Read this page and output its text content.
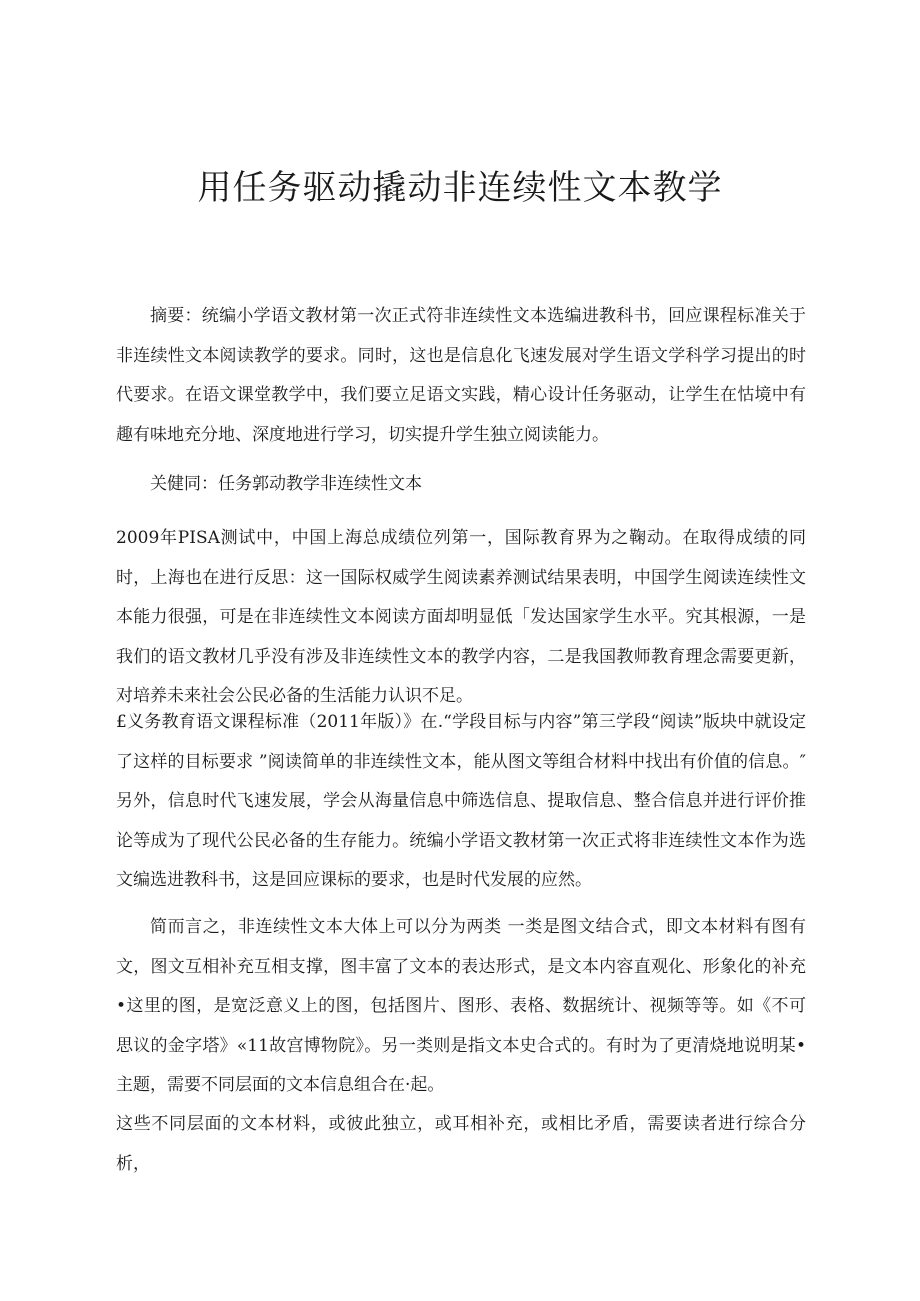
用任务驱动撬动非连续性文本教学

摘要：统编小学语文教材第一次正式符非连续性文本选编进教科书，回应课程标准关于非连续性文本阅读教学的要求。同时，这也是信息化飞速发展对学生语文学科学习提出的时代要求。在语文课堂教学中，我们要立足语文实践，精心设计任务驱动，让学生在怙境中有趣有味地充分地、深度地进行学习，切实提升学生独立阅读能力。

关健同：任务郭动教学非连续性文本

2009年PISA测试中，中国上海总成绩位列第一，国际教育界为之鞠动。在取得成绩的同时，上海也在进行反思：这一国际权威学生阅读素养测试结果表明，中国学生阅读连续性文本能力很强，可是在非连续性文本阅读方面却明显低「发达国家学生水平。究其根源，一是我们的语文教材几乎没有涉及非连续性文本的教学内容，二是我国教师教育理念需要更新，对培养未来社会公民必备的生活能力认识不足。

£义务教育语文课程标准（2011年版）》在.“学段目标与内容”第三学段“阅读”版块中就设定了这样的目标要求 ”阅读简单的非连续性文本，能从图文等组合材料中找出有价值的信息。″另外，信息时代飞速发展，学会从海量信息中筛选信息、提取信息、整合信息并进行评价推论等成为了现代公民必备的生存能力。统编小学语文教材第一次正式将非连续性文本作为选文编选进教科书，这是回应课标的要求，也是时代发展的应然。

简而言之，非连续性文本大体上可以分为两类 一类是图文结合式，即文本材料有图有文，图文互相补充互相支撑，图丰富了文本的表达形式，是文本内容直观化、形象化的补充•这里的图，是宽泛意义上的图，包括图片、图形、表格、数据统计、视频等等。如《不可思议的金字塔》«11故宫博物院》。另一类则是指文本史合式的。有时为了更清烧地说明某•主题，需要不同层面的文本信息组合在·起。

这些不同层面的文本材料，或彼此独立，或耳相补充，或相比矛盾，需要读者进行综合分析，
